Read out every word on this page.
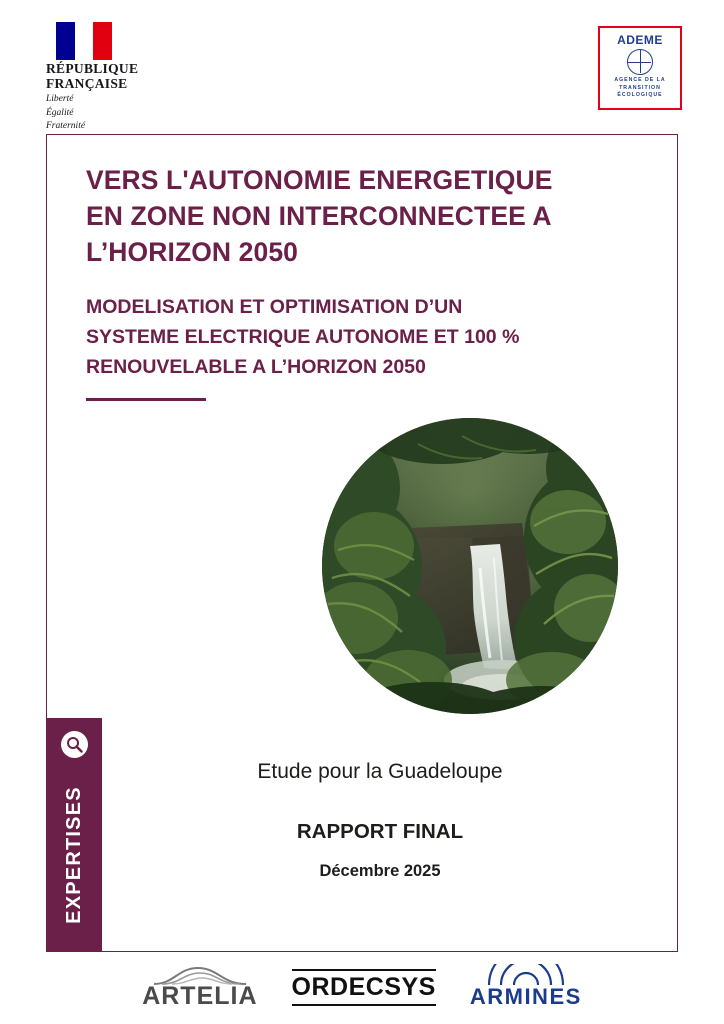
RÉPUBLIQUE
FRANÇAISE
Liberté
Égalité
Fraternité
ADEME
AGENCE DE LA
TRANSITION
ÉCOLOGIQUE
VERS L'AUTONOMIE ENERGETIQUE
EN ZONE NON INTERCONNECTEE A
L’HORIZON 2050
MODELISATION ET OPTIMISATION D’UN
SYSTEME ELECTRIQUE AUTONOME ET 100 %
RENOUVELABLE A L’HORIZON 2050
EXPERTISES
Etude pour la Guadeloupe
RAPPORT FINAL
Décembre 2025
ARTELIA ORDECSYS ARMINES
